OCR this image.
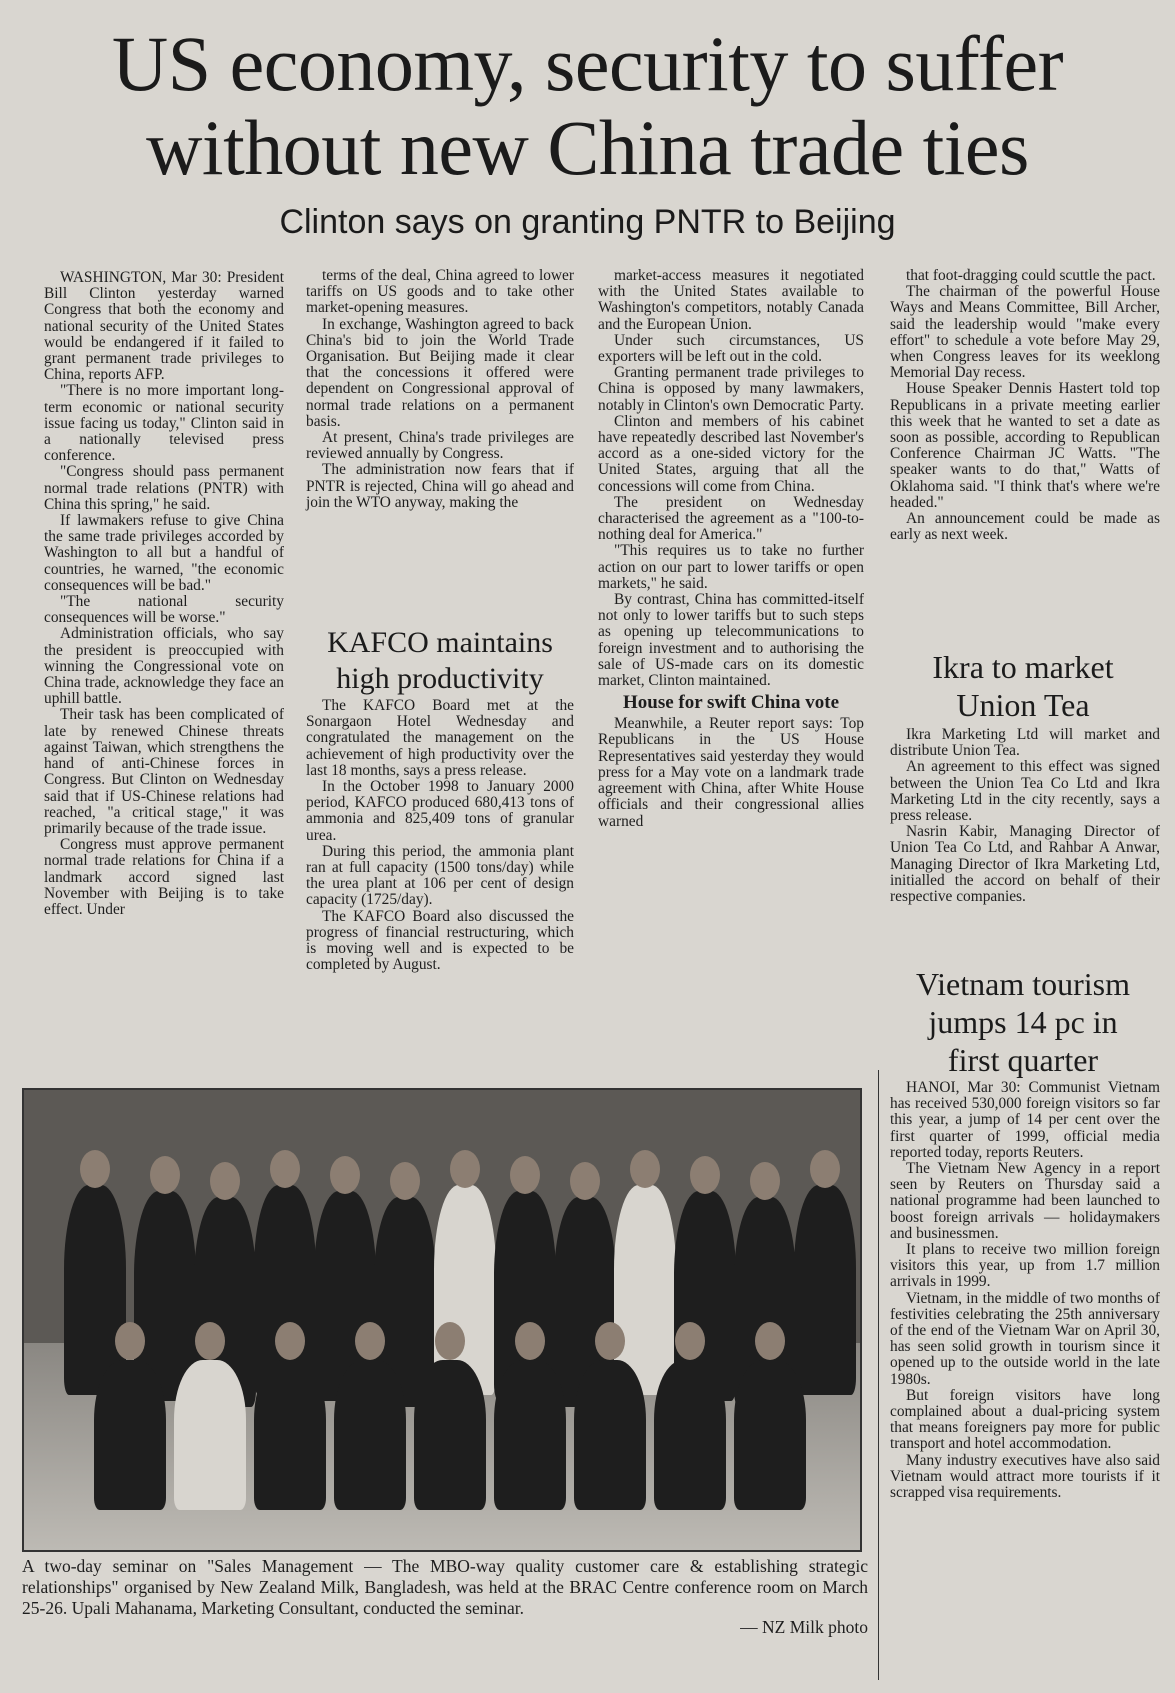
US economy, security to suffer
without new China trade ties
Clinton says on granting PNTR to Beijing

WASHINGTON, Mar 30: President Bill Clinton yesterday warned Congress that both the economy and national security of the United States would be endangered if it failed to grant permanent trade privileges to China, reports AFP.

"There is no more important long-term economic or national security issue facing us today," Clinton said in a nationally televised press conference.

"Congress should pass permanent normal trade relations (PNTR) with China this spring," he said.

If lawmakers refuse to give China the same trade privileges accorded by Washington to all but a handful of countries, he warned, "the economic consequences will be bad."

"The national security consequences will be worse."

Administration officials, who say the president is preoccupied with winning the Congressional vote on China trade, acknowledge they face an uphill battle.

Their task has been complicated of late by renewed Chinese threats against Taiwan, which strengthens the hand of anti-Chinese forces in Congress. But Clinton on Wednesday said that if US-Chinese relations had reached, "a critical stage," it was primarily because of the trade issue.

Congress must approve permanent normal trade relations for China if a landmark accord signed last November with Beijing is to take effect. Under

terms of the deal, China agreed to lower tariffs on US goods and to take other market-opening measures.

In exchange, Washington agreed to back China's bid to join the World Trade Organisation. But Beijing made it clear that the concessions it offered were dependent on Congressional approval of normal trade relations on a permanent basis.

At present, China's trade privileges are reviewed annually by Congress.

The administration now fears that if PNTR is rejected, China will go ahead and join the WTO anyway, making the

KAFCO maintains
high productivity

The KAFCO Board met at the Sonargaon Hotel Wednesday and congratulated the management on the achievement of high productivity over the last 18 months, says a press release.

In the October 1998 to January 2000 period, KAFCO produced 680,413 tons of ammonia and 825,409 tons of granular urea.

During this period, the ammonia plant ran at full capacity (1500 tons/day) while the urea plant at 106 per cent of design capacity (1725/day).

The KAFCO Board also discussed the progress of financial restructuring, which is moving well and is expected to be completed by August.

market-access measures it negotiated with the United States available to Washington's competitors, notably Canada and the European Union.

Under such circumstances, US exporters will be left out in the cold.

Granting permanent trade privileges to China is opposed by many lawmakers, notably in Clinton's own Democratic Party.

Clinton and members of his cabinet have repeatedly described last November's accord as a one-sided victory for the United States, arguing that all the concessions will come from China.

The president on Wednesday characterised the agreement as a "100-to-nothing deal for America."

"This requires us to take no further action on our part to lower tariffs or open markets," he said.

By contrast, China has committed-itself not only to lower tariffs but to such steps as opening up telecommunications to foreign investment and to authorising the sale of US-made cars on its domestic market, Clinton maintained.

House for swift China vote

Meanwhile, a Reuter report says: Top Republicans in the US House Representatives said yesterday they would press for a May vote on a landmark trade agreement with China, after White House officials and their congressional allies warned

that foot-dragging could scuttle the pact.

The chairman of the powerful House Ways and Means Committee, Bill Archer, said the leadership would "make every effort" to schedule a vote before May 29, when Congress leaves for its weeklong Memorial Day recess.

House Speaker Dennis Hastert told top Republicans in a private meeting earlier this week that he wanted to set a date as soon as possible, according to Republican Conference Chairman JC Watts. "The speaker wants to do that," Watts of Oklahoma said. "I think that's where we're headed."

An announcement could be made as early as next week.

Ikra to market
Union Tea

Ikra Marketing Ltd will market and distribute Union Tea.

An agreement to this effect was signed between the Union Tea Co Ltd and Ikra Marketing Ltd in the city recently, says a press release.

Nasrin Kabir, Managing Director of Union Tea Co Ltd, and Rahbar A Anwar, Managing Director of Ikra Marketing Ltd, initialled the accord on behalf of their respective companies.

Vietnam tourism
jumps 14 pc in
first quarter

HANOI, Mar 30: Communist Vietnam has received 530,000 foreign visitors so far this year, a jump of 14 per cent over the first quarter of 1999, official media reported today, reports Reuters.

The Vietnam New Agency in a report seen by Reuters on Thursday said a national programme had been launched to boost foreign arrivals — holidaymakers and businessmen.

It plans to receive two million foreign visitors this year, up from 1.7 million arrivals in 1999.

Vietnam, in the middle of two months of festivities celebrating the 25th anniversary of the end of the Vietnam War on April 30, has seen solid growth in tourism since it opened up to the outside world in the late 1980s.

But foreign visitors have long complained about a dual-pricing system that means foreigners pay more for public transport and hotel accommodation.

Many industry executives have also said Vietnam would attract more tourists if it scrapped visa requirements.

A two-day seminar on "Sales Management — The MBO-way quality customer care & establishing strategic relationships" organised by New Zealand Milk, Bangladesh, was held at the BRAC Centre conference room on March 25-26. Upali Mahanama, Marketing Consultant, conducted the seminar.
— NZ Milk photo
